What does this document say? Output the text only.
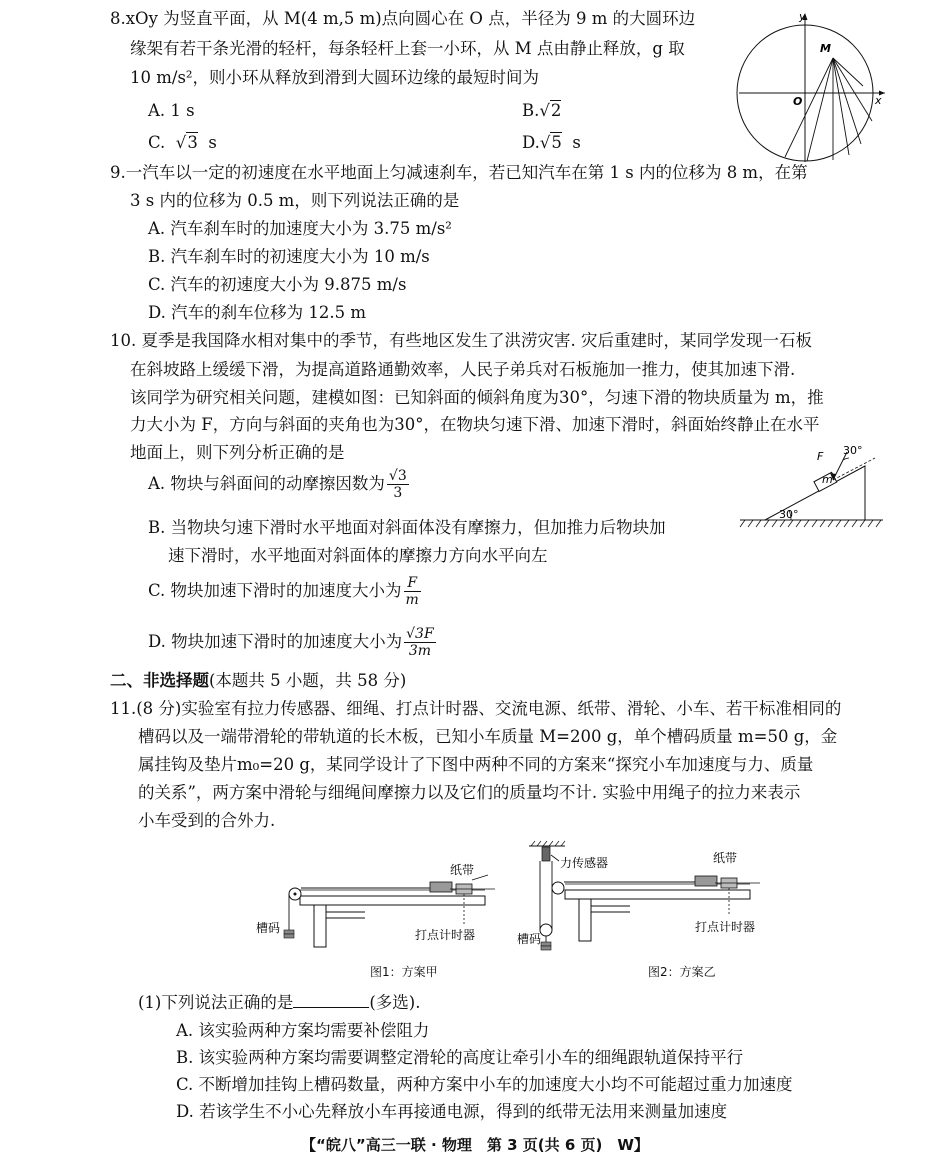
8.xOy 为竖直平面，从 M(4 m,5 m)点向圆心在 O 点，半径为 9 m 的大圆环边
缘架有若干条光滑的轻杆，每条轻杆上套一小环，从 M 点由静止释放，g 取
10 m/s²，则小环从释放到滑到大圆环边缘的最短时间为
A. 1 s	B.√2
C.  √3 s	D.√5 s
y
x
O
M
9.一汽车以一定的初速度在水平地面上匀减速刹车，若已知汽车在第 1 s 内的位移为 8 m，在第
3 s 内的位移为 0.5 m，则下列说法正确的是
A. 汽车刹车时的加速度大小为 3.75 m/s²
B. 汽车刹车时的初速度大小为 10 m/s
C. 汽车的初速度大小为 9.875 m/s
D. 汽车的刹车位移为 12.5 m
10. 夏季是我国降水相对集中的季节，有些地区发生了洪涝灾害. 灾后重建时，某同学发现一石板
在斜坡路上缓缓下滑，为提高道路通勤效率，人民子弟兵对石板施加一推力，使其加速下滑.
该同学为研究相关问题，建模如图：已知斜面的倾斜角度为30°，匀速下滑的物块质量为 m，推
力大小为 F，方向与斜面的夹角也为30°，在物块匀速下滑、加速下滑时，斜面始终静止在水平
地面上，则下列分析正确的是
A. 物块与斜面间的动摩擦因数为 $\frac{√3}{3}$
B. 当物块匀速下滑时水平地面对斜面体没有摩擦力，但加推力后物块加
速下滑时，水平地面对斜面体的摩擦力方向水平向左
C. 物块加速下滑时的加速度大小为 $\frac{F}{m}$
D. 物块加速下滑时的加速度大小为 $\frac{√3F}{3m}$
F
m
30°
30°
二、非选择题(本题共 5 小题，共 58 分)
11.(8 分)实验室有拉力传感器、细绳、打点计时器、交流电源、纸带、滑轮、小车、若干标准相同的
槽码以及一端带滑轮的带轨道的长木板，已知小车质量 M=200 g，单个槽码质量 m=50 g，金
属挂钩及垫片m₀=20 g，某同学设计了下图中两种不同的方案来“探究小车加速度与力、质量
的关系”，两方案中滑轮与细绳间摩擦力以及它们的质量均不计. 实验中用绳子的拉力来表示
小车受到的合外力.
纸带
槽码	打点计时器
图1：方案甲
力传感器	纸带
槽码
打点计时器
图2：方案乙
(1)下列说法正确的是	(多选).
A. 该实验两种方案均需要补偿阻力
B. 该实验两种方案均需要调整定滑轮的高度让牵引小车的细绳跟轨道保持平行
C. 不断增加挂钩上槽码数量，两种方案中小车的加速度大小均不可能超过重力加速度
D. 若该学生不小心先释放小车再接通电源，得到的纸带无法用来测量加速度
【“皖八”高三一联 · 物理　第 3 页(共 6 页)　W】
